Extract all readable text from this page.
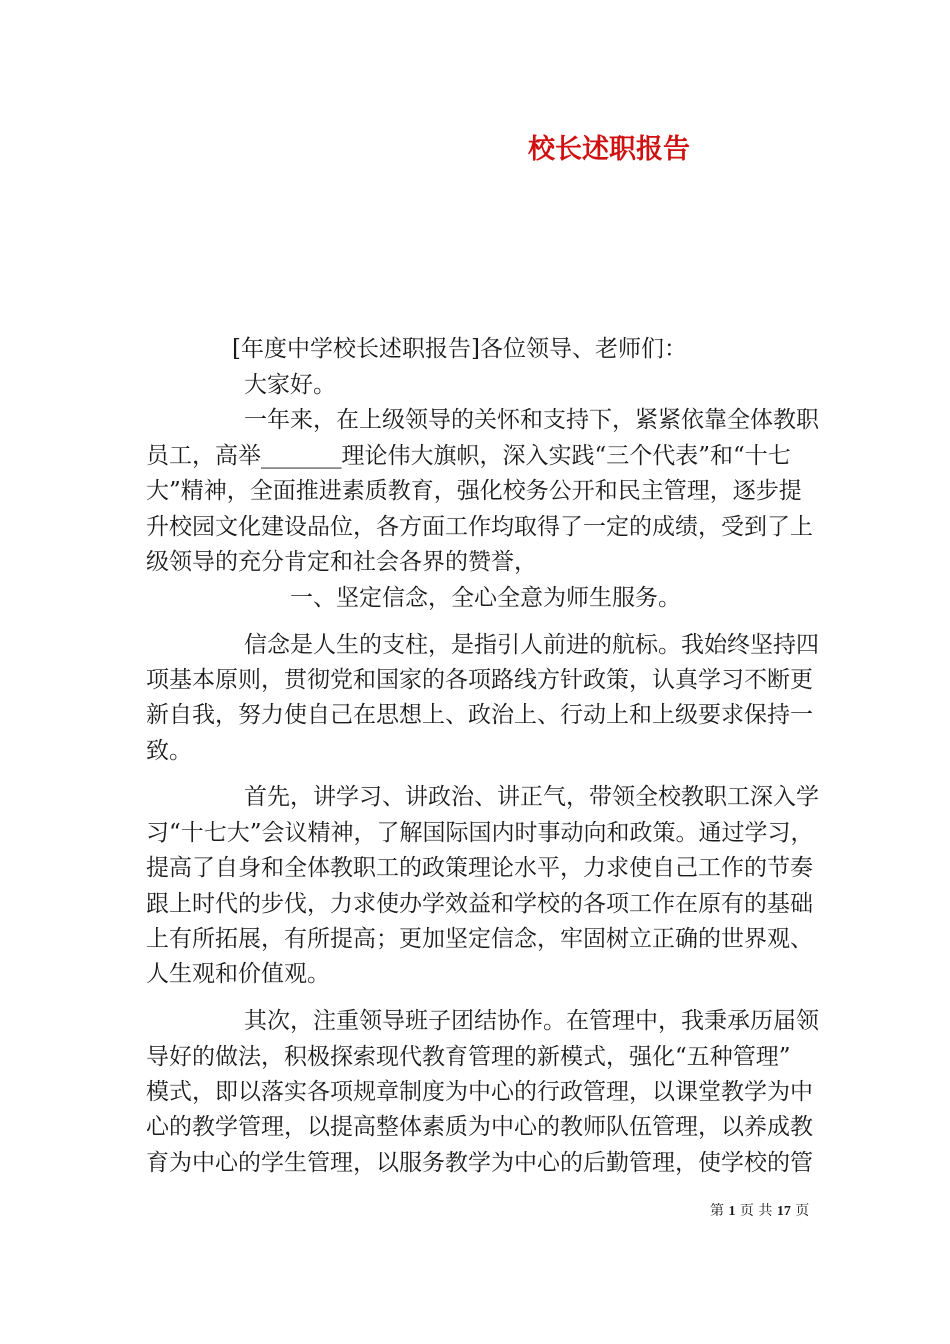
校长述职报告
[年度中学校长述职报告]各位领导、老师们：
大家好。
一年来，在上级领导的关怀和支持下，紧紧依靠全体教职
员工，高举_______理论伟大旗帜，深入实践“三个代表”和“十七
大”精神，全面推进素质教育，强化校务公开和民主管理，逐步提
升校园文化建设品位，各方面工作均取得了一定的成绩，受到了上
级领导的充分肯定和社会各界的赞誉，
一、坚定信念，全心全意为师生服务。
信念是人生的支柱，是指引人前进的航标。我始终坚持四
项基本原则，贯彻党和国家的各项路线方针政策，认真学习不断更
新自我，努力使自己在思想上、政治上、行动上和上级要求保持一
致。
首先，讲学习、讲政治、讲正气，带领全校教职工深入学
习“十七大”会议精神，了解国际国内时事动向和政策。通过学习，
提高了自身和全体教职工的政策理论水平，力求使自己工作的节奏
跟上时代的步伐，力求使办学效益和学校的各项工作在原有的基础
上有所拓展，有所提高；更加坚定信念，牢固树立正确的世界观、
人生观和价值观。
其次，注重领导班子团结协作。在管理中，我秉承历届领
导好的做法，积极探索现代教育管理的新模式，强化“五种管理”
模式，即以落实各项规章制度为中心的行政管理，以课堂教学为中
心的教学管理，以提高整体素质为中心的教师队伍管理，以养成教
育为中心的学生管理，以服务教学为中心的后勤管理，使学校的管
第 1 页 共 17 页
